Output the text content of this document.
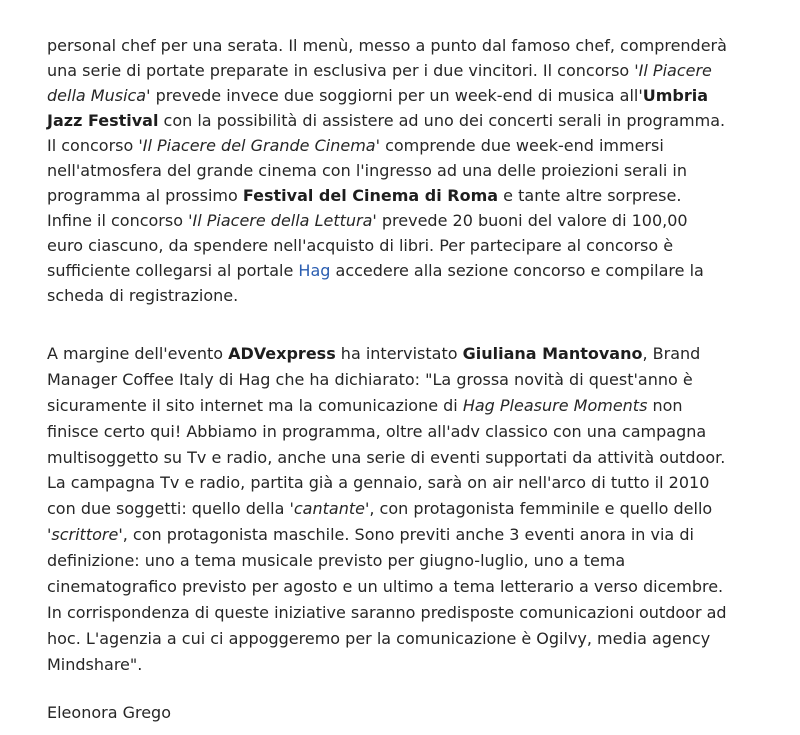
personal chef per una serata. Il menù, messo a punto dal famoso chef, comprenderà
una serie di portate preparate in esclusiva per i due vincitori. Il concorso 'Il Piacere
della Musica' prevede invece due soggiorni per un week-end di musica all'Umbria
Jazz Festival con la possibilità di assistere ad uno dei concerti serali in programma.
Il concorso 'Il Piacere del Grande Cinema' comprende due week-end immersi
nell'atmosfera del grande cinema con l'ingresso ad una delle proiezioni serali in
programma al prossimo Festival del Cinema di Roma e tante altre sorprese.
Infine il concorso 'Il Piacere della Lettura' prevede 20 buoni del valore di 100,00
euro ciascuno, da spendere nell'acquisto di libri. Per partecipare al concorso è
sufficiente collegarsi al portale Hag accedere alla sezione concorso e compilare la
scheda di registrazione.
A margine dell'evento ADVexpress ha intervistato Giuliana Mantovano, Brand
Manager Coffee Italy di Hag che ha dichiarato: "La grossa novità di quest'anno è
sicuramente il sito internet ma la comunicazione di Hag Pleasure Moments non
finisce certo qui! Abbiamo in programma, oltre all'adv classico con una campagna
multisoggetto su Tv e radio, anche una serie di eventi supportati da attività outdoor.
La campagna Tv e radio, partita già a gennaio, sarà on air nell'arco di tutto il 2010
con due soggetti: quello della 'cantante', con protagonista femminile e quello dello
'scrittore', con protagonista maschile. Sono previti anche 3 eventi anora in via di
definizione: uno a tema musicale previsto per giugno-luglio, uno a tema
cinematografico previsto per agosto e un ultimo a tema letterario a verso dicembre.
In corrispondenza di queste iniziative saranno predisposte comunicazioni outdoor ad
hoc. L'agenzia a cui ci appoggeremo per la comunicazione è Ogilvy, media agency
Mindshare".
Eleonora Grego
